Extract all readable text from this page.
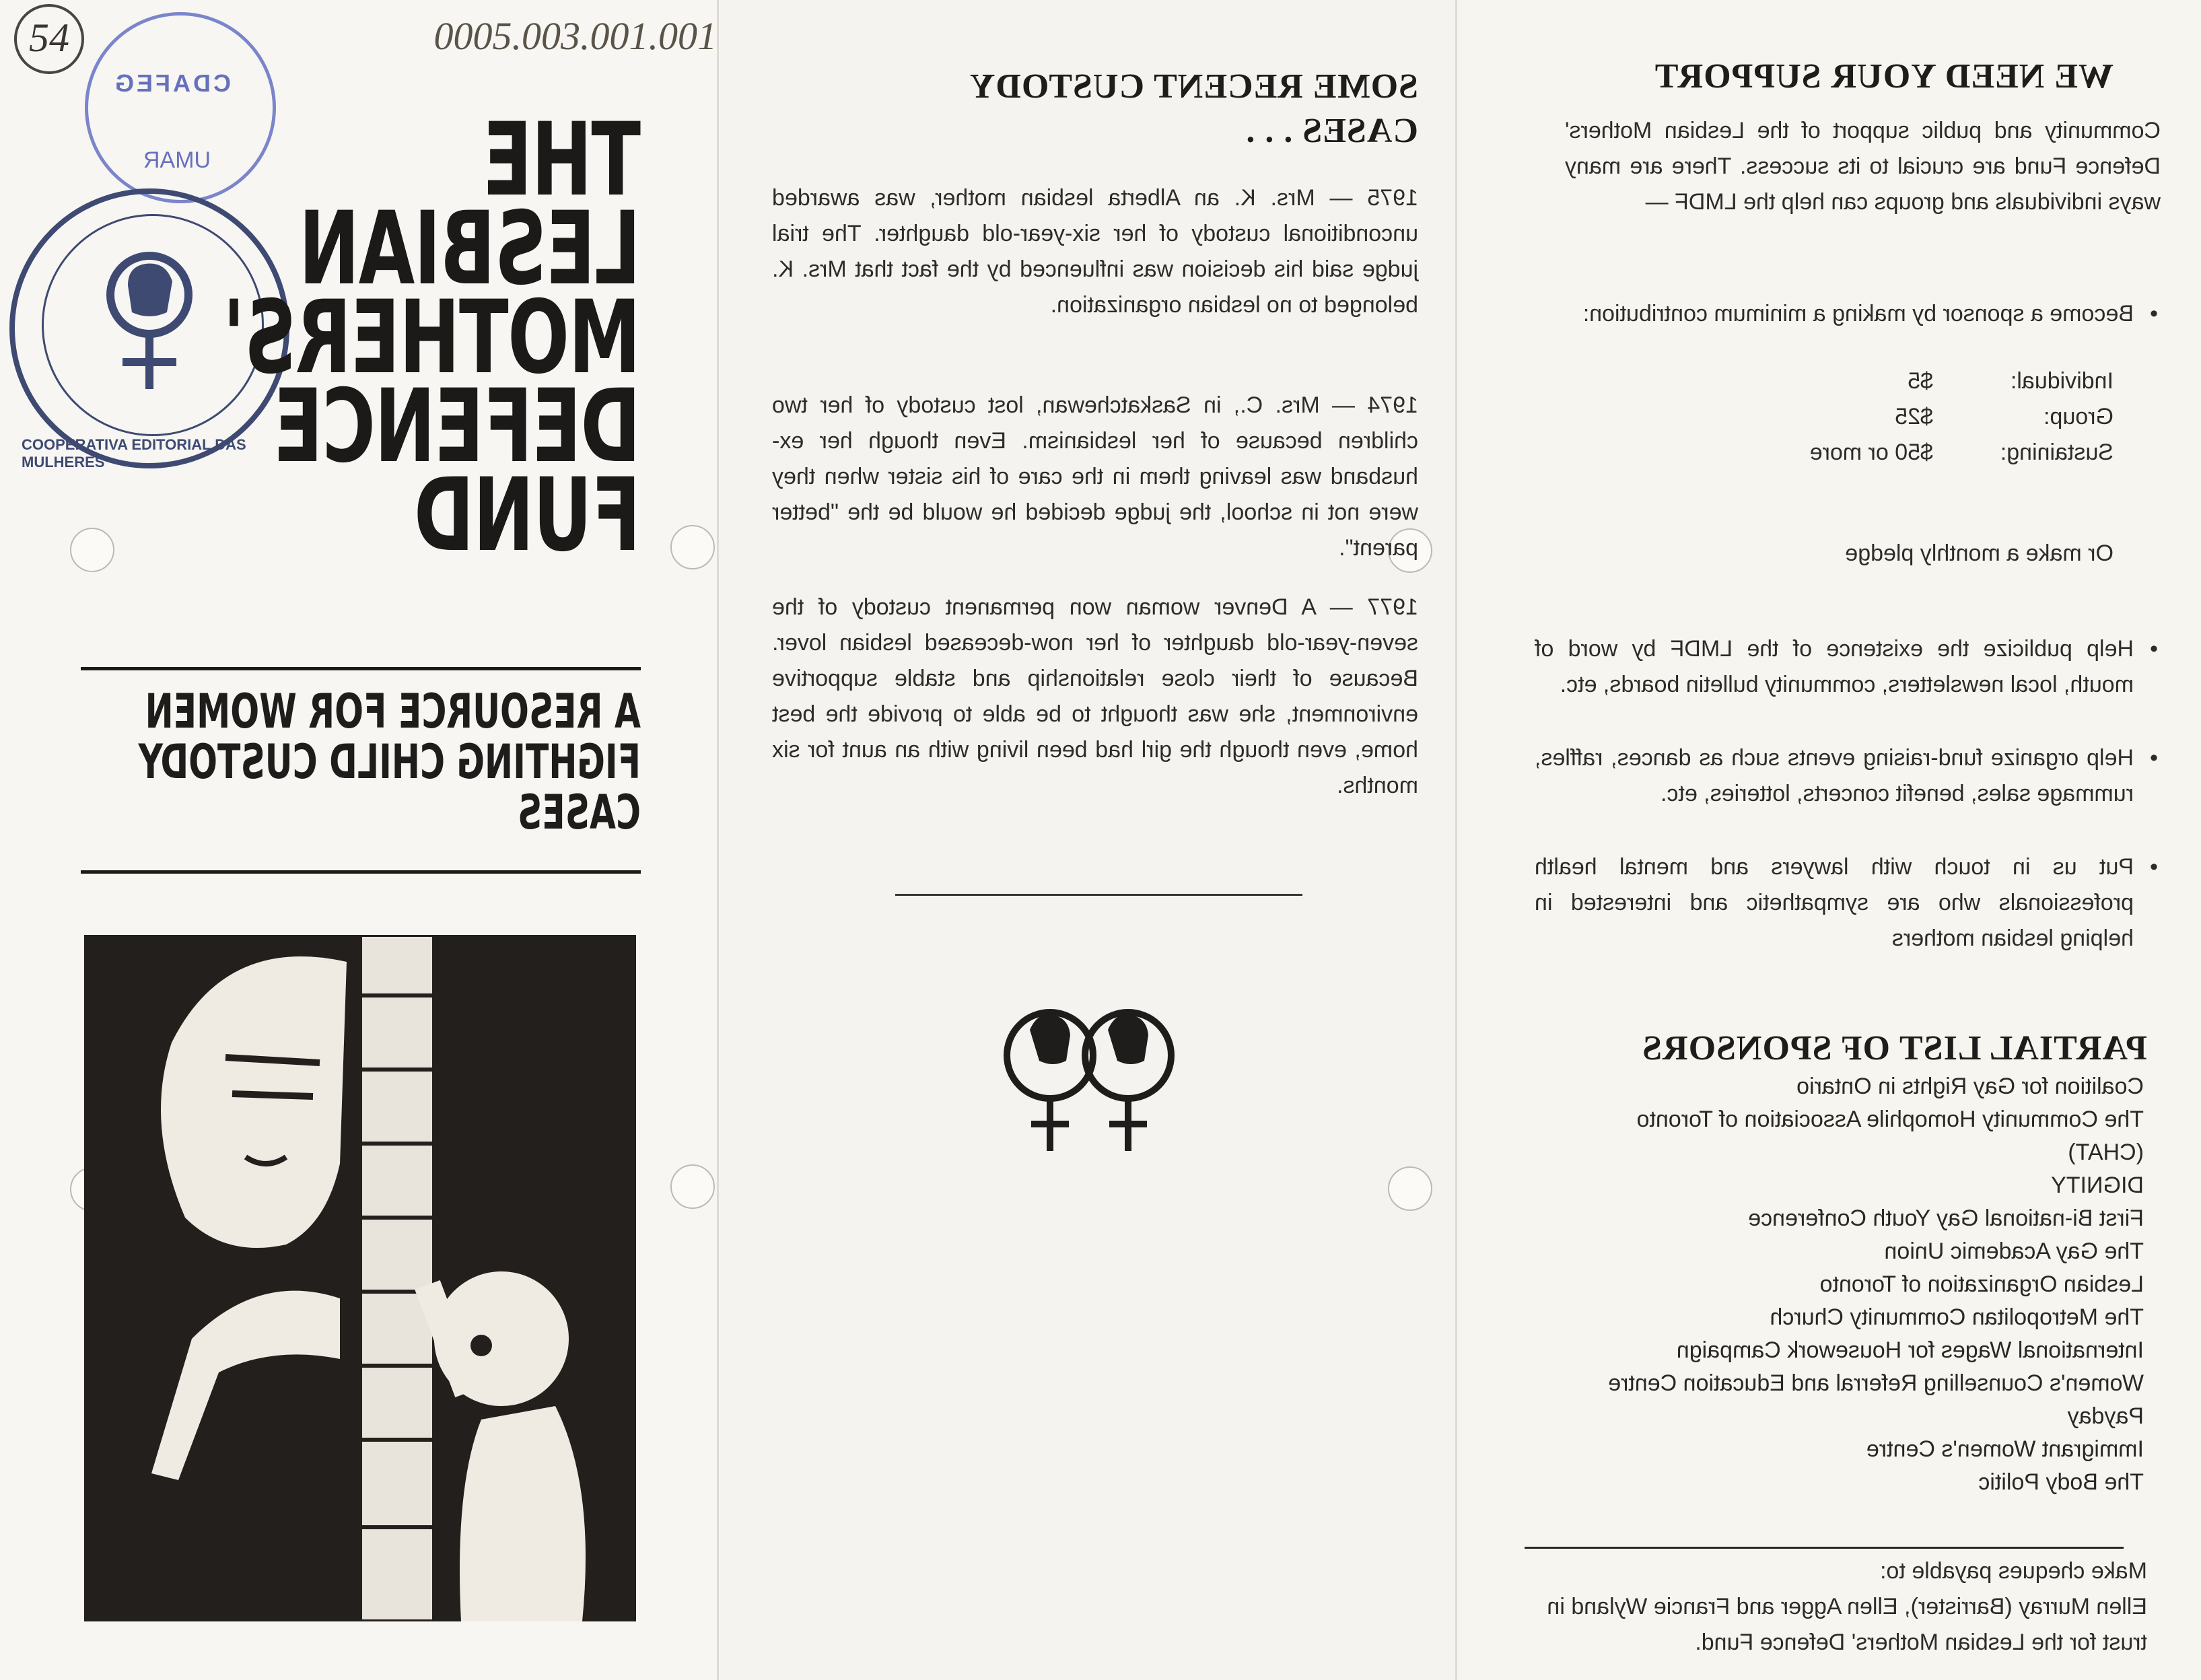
WE NEED YOUR SUPPORT
Community and public support of the Lesbian Mothers' Defence Fund are crucial to its success. There are many ways individuals and groups can help the LMDF —
• Become a sponsor by making a minimum contribution:
Individual:
$5
Group:
$25
Sustaining:
$50 or more
Or make a monthly pledge
• Help publicize the existence of the LMDF by word of mouth, local newsletters, community bulletin boards, etc.
• Help organize fund-raising events such as dances, raffles, rummage sales, benefit concerts, lotteries, etc.
• Put us in touch with lawyers and mental health professionals who are sympathetic and interested in helping lesbian mothers
PARTIAL LIST OF SPONSORS
Coalition for Gay Rights in Ontario
The Community Homophile Association of Toronto
(CHAT)
DIGNITY
First Bi-national Gay Youth Conference
The Gay Academic Union
Lesbian Organization of Toronto
The Metropolitan Community Church
International Wages for Housework Campaign
Women's Counselling Referral and Education Centre
Payday
Immigrant Women's Centre
The Body Politic
Make cheques payable to:
Ellen Murray (Barrister), Ellen Agger and Francie Wyland in trust for the Lesbian Mothers' Defence Fund.
SOME RECENT CUSTODY CASES . . .
1975 — Mrs. K. an Alberta lesbian mother, was awarded unconditional custody of her six-year-old daughter. The trial judge said his decision was influenced by the fact that Mrs. K. belonged to no lesbian organization.
1974 — Mrs. C., in Saskatchewan, lost custody of her two children because of her lesbianism. Even though her ex-husband was leaving them in the care of his sister when they were not in school, the judge decided he would be the "better parent".
1977 — A Denver woman won permanent custody of the seven-year-old daughter of her now-deceased lesbian lover. Because of their close relationship and stable supportive environment, she was thought to be able to provide the best home, even though the girl had been living with an aunt for six months.
0005.003.001.001
54
CDAFEG
UMAR
COOPERATIVA EDITORIAL DAS MULHERES
THE
LESBIAN
MOTHERS'
DEFENCE
FUND
A RESOURCE FOR WOMEN FIGHTING CHILD CUSTODY CASES
